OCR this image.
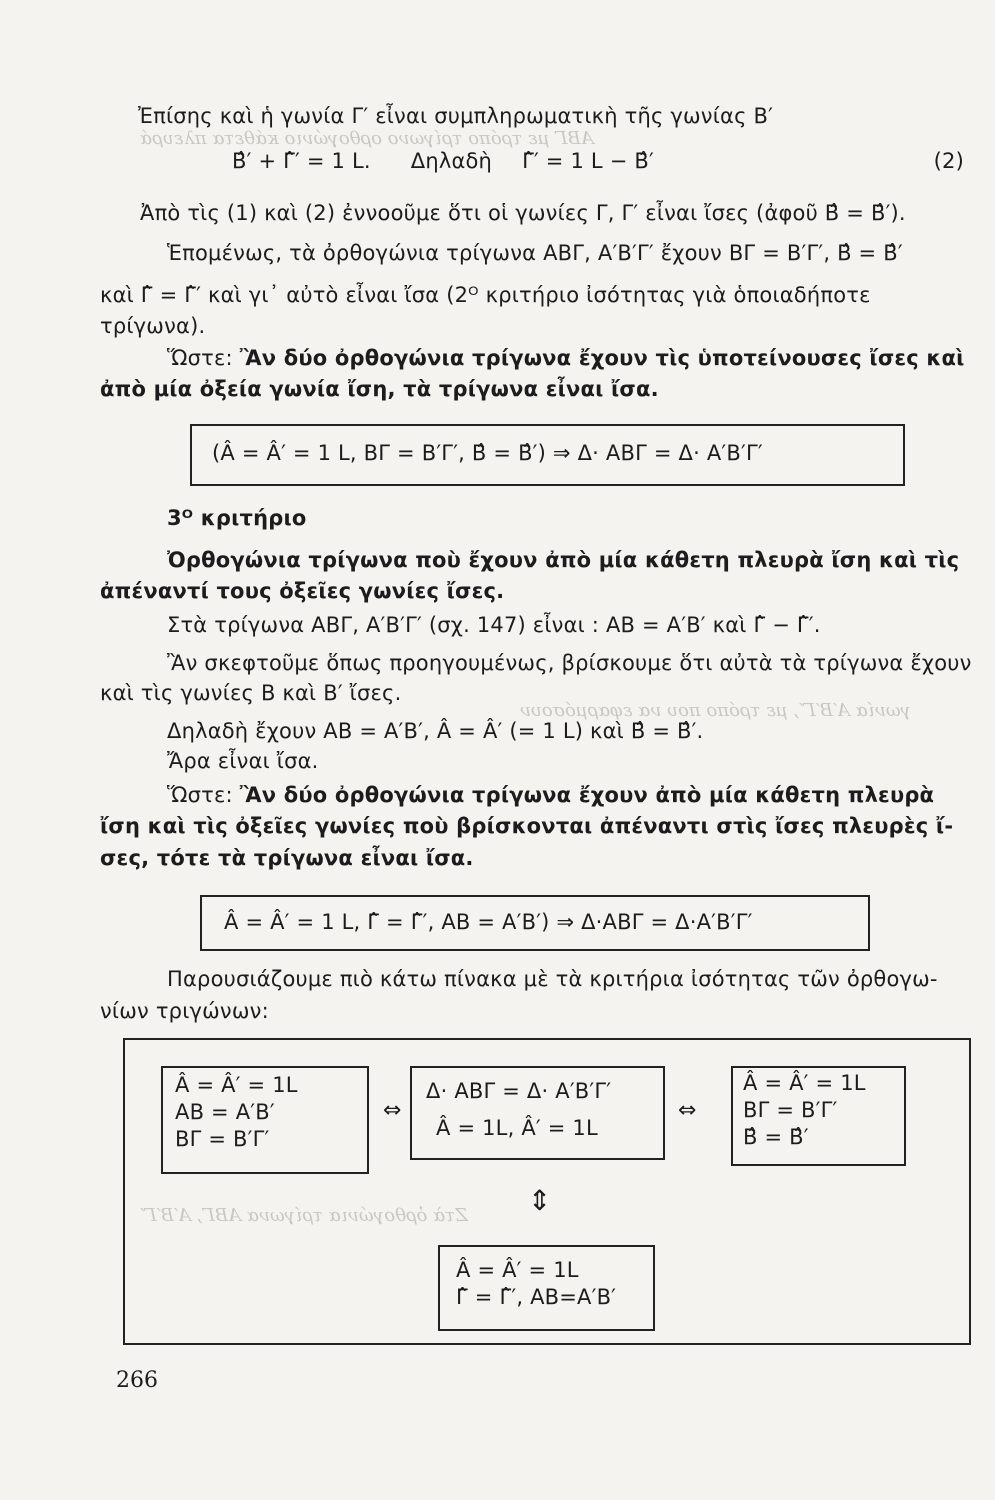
ΑΒΓ με τρόπο τρίγωνο ορθογώνιο κάθετα πλευρά
γωνία Α′Β′Γ′, με τρόπο που να εφαρμόσουν
Ζτὰ ὀρθογώνια τρίγωνα ΑΒΓ, Α′Β′Γ′
Ἐπίσης καὶ ἡ γωνία Γ′ εἶναι συμπληρωματικὴ τῆς γωνίας Β′
Β̂′ + Γ̂′ = 1 L. Δηλαδὴ Γ̂′ = 1 L − Β̂′	(2)
Ἀπὸ τὶς (1) καὶ (2) ἐννοοῦμε ὅτι οἱ γωνίες Γ, Γ′ εἶναι ἴσες (ἀφοῦ Β̂ = Β̂′).
Ἑπομένως, τὰ ὀρθογώνια τρίγωνα ΑΒΓ, Α′Β′Γ′ ἔχουν ΒΓ = Β′Γ′, Β̂ = Β̂′
καὶ Γ̂ = Γ̂′ καὶ γι᾽ αὐτὸ εἶναι ἴσα (2ᴼ κριτήριο ἰσότητας γιὰ ὁποιαδήποτε
τρίγωνα).
Ὥστε: Ἂν δύο ὀρθογώνια τρίγωνα ἔχουν τὶς ὑποτείνουσες ἴσες καὶ
ἀπὸ μία ὀξεία γωνία ἴση, τὰ τρίγωνα εἶναι ἴσα.
(Â = Â′ = 1 L, ΒΓ = Β′Γ′, Β̂ = Β̂′) ⇒ Δ· ΑΒΓ = Δ· Α′Β′Γ′
3ᴼ κριτήριο
Ὀρθογώνια τρίγωνα ποὺ ἔχουν ἀπὸ μία κάθετη πλευρὰ ἴση καὶ τὶς
ἀπέναντί τους ὀξεῖες γωνίες ἴσες.
Στὰ τρίγωνα ΑΒΓ, Α′Β′Γ′ (σχ. 147) εἶναι : ΑΒ = Α′Β′ καὶ Γ̂ − Γ̂′.
Ἂν σκεφτοῦμε ὅπως προηγουμένως, βρίσκουμε ὅτι αὐτὰ τὰ τρίγωνα ἔχουν
καὶ τὶς γωνίες Β καὶ Β′ ἴσες.
Δηλαδὴ ἔχουν ΑΒ = Α′Β′, Â = Â′ (= 1 L) καὶ Β̂ = Β̂′.
Ἄρα εἶναι ἴσα.
Ὥστε: Ἂν δύο ὀρθογώνια τρίγωνα ἔχουν ἀπὸ μία κάθετη πλευρὰ
ἴση καὶ τὶς ὀξεῖες γωνίες ποὺ βρίσκονται ἀπέναντι στὶς ἴσες πλευρὲς ἴ-
σες, τότε τὰ τρίγωνα εἶναι ἴσα.
Â = Â′ = 1 L, Γ̂ = Γ̂′, ΑΒ = Α′Β′) ⇒ Δ·ΑΒΓ = Δ·Α′Β′Γ′
Παρουσιάζουμε πιὸ κάτω πίνακα μὲ τὰ κριτήρια ἰσότητας τῶν ὀρθογω-
νίων τριγώνων:
Â = Â′ = 1L
ΑΒ = Α′Β′
ΒΓ = Β′Γ′
⇔
Δ· ΑΒΓ = Δ· Α′Β′Γ′
Â = 1L, Â′ = 1L
⇔
Â = Â′ = 1L
ΒΓ = Β′Γ′
Β̂ = Β̂′
⇕
Â = Â′ = 1L
Γ̂ = Γ̂′, ΑΒ=Α′Β′
266
